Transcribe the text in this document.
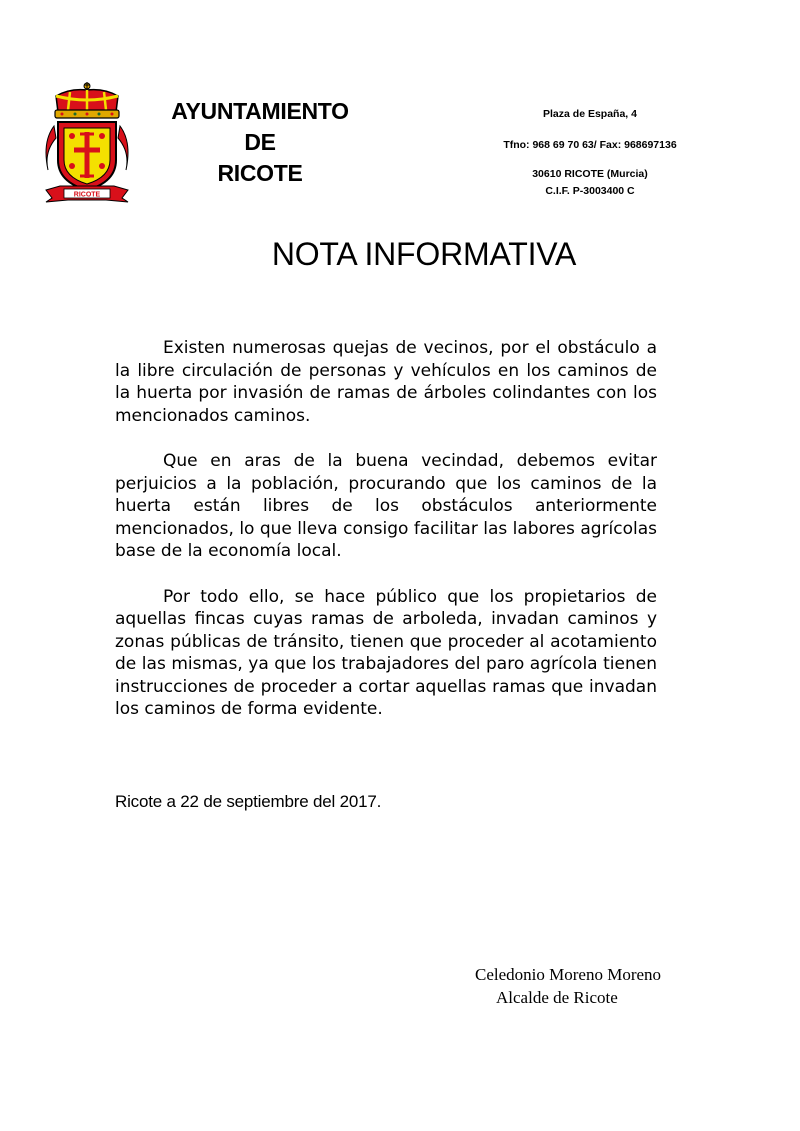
RICOTE
AYUNTAMIENTO
DE
RICOTE
Plaza de España, 4
Tfno: 968 69 70 63/ Fax: 968697136
30610 RICOTE (Murcia)
C.I.F. P-3003400 C
NOTA INFORMATIVA

Existen numerosas quejas de vecinos, por el obstáculo a la libre circulación de personas y vehículos en los caminos de la huerta por invasión de ramas de árboles colindantes con los mencionados caminos.

Que en aras de la buena vecindad, debemos evitar perjuicios a la población, procurando que los caminos de la huerta están libres de los obstáculos anteriormente mencionados, lo que lleva consigo facilitar las labores agrícolas base de la economía local.

Por todo ello, se hace público que los propietarios de aquellas fincas cuyas ramas de arboleda, invadan caminos y zonas públicas de tránsito, tienen que proceder al acotamiento de las mismas, ya que los trabajadores del paro agrícola tienen instrucciones de proceder a cortar aquellas ramas que invadan los caminos de forma evidente.

Ricote a 22 de septiembre del 2017.
Celedonio Moreno Moreno
Alcalde de Ricote
